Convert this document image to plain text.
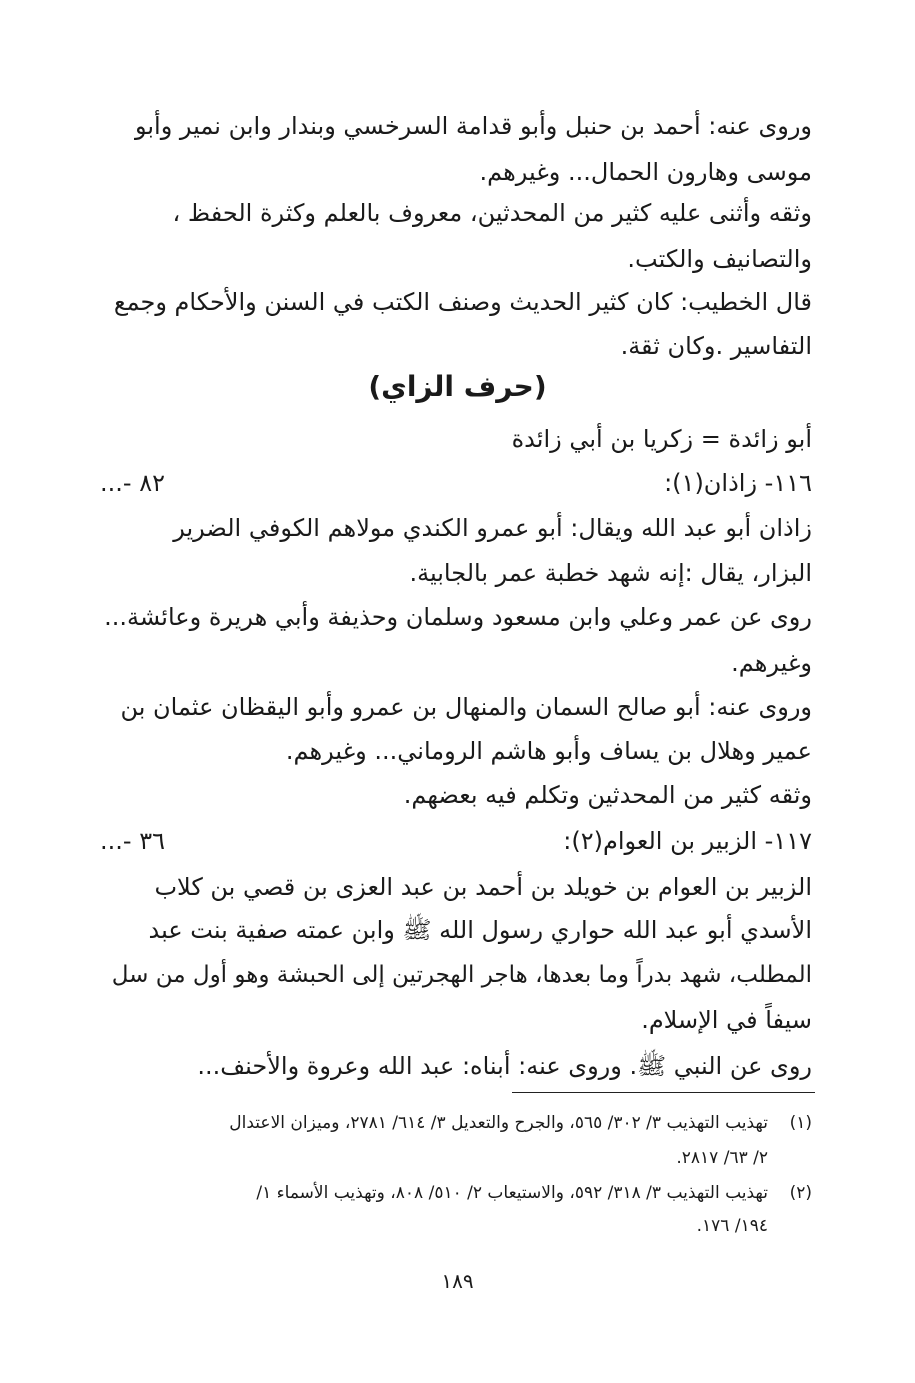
وروى عنه: أحمد بن حنبل وأبو قدامة السرخسي وبندار وابن نمير وأبو
موسى وهارون الحمال... وغيرهم.
وثقه وأثنى عليه كثير من المحدثين، معروف بالعلم وكثرة الحفظ ،
والتصانيف والكتب.
قال الخطيب: كان كثير الحديث وصنف الكتب في السنن والأحكام وجمع
التفاسير .وكان ثقة.
(حرف الزاي)
أبو زائدة = زكريا بن أبي زائدة
١١٦- زاذان(١):
...- ٨٢
زاذان أبو عبد الله ويقال: أبو عمرو الكندي مولاهم الكوفي الضرير
البزار، يقال :إنه شهد خطبة عمر بالجابية.
روى عن عمر وعلي وابن مسعود وسلمان وحذيفة وأبي هريرة وعائشة...
وغيرهم.
وروى عنه: أبو صالح السمان والمنهال بن عمرو وأبو اليقظان عثمان بن
عمير وهلال بن يساف وأبو هاشم الروماني... وغيرهم.
وثقه كثير من المحدثين وتكلم فيه بعضهم.
١١٧- الزبير بن العوام(٢):
...- ٣٦
الزبير بن العوام بن خويلد بن أحمد بن عبد العزى بن قصي بن كلاب
الأسدي أبو عبد الله حواري رسول الله ﷺ وابن عمته صفية بنت عبد
المطلب، شهد بدراً وما بعدها، هاجر الهجرتين إلى الحبشة وهو أول من سل
سيفاً في الإسلام.
روى عن النبي ﷺ. وروى عنه: أبناه: عبد الله وعروة والأحنف...
(١)تهذيب التهذيب ٣/ ٣٠٢/ ٥٦٥، والجرح والتعديل ٣/ ٦١٤/ ٢٧٨١، وميزان الاعتدال
٢/ ٦٣/ ٢٨١٧.
(٢)تهذيب التهذيب ٣/ ٣١٨/ ٥٩٢، والاستيعاب ٢/ ٥١٠/ ٨٠٨، وتهذيب الأسماء ١/
١٩٤/ ١٧٦.
١٨٩
